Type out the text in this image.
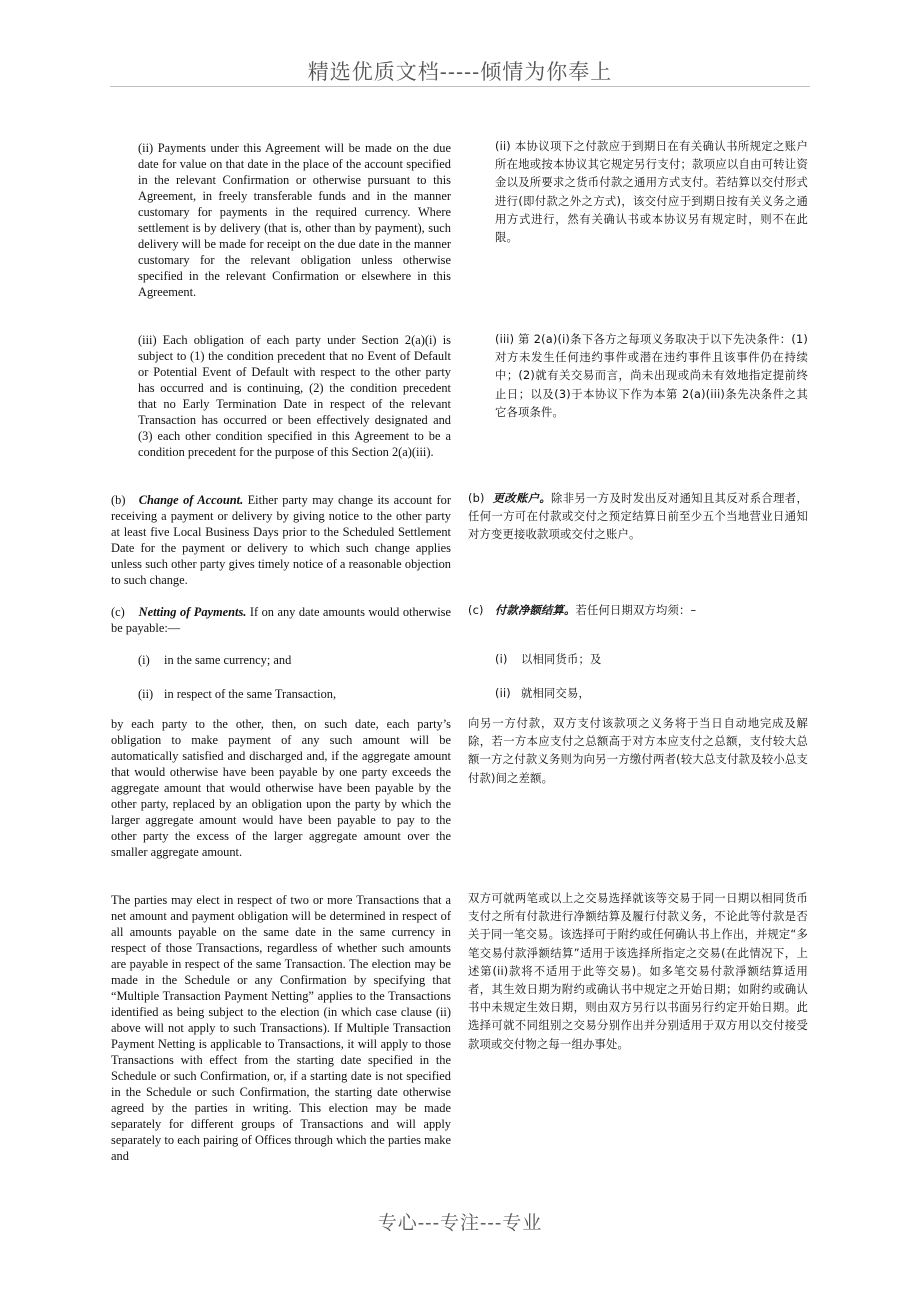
精选优质文档-----倾情为你奉上

(ii) Payments under this Agreement will be made on the due date for value on that date in the place of the account specified in the relevant Confirmation or otherwise pursuant to this Agreement, in freely transferable funds and in the manner customary for payments in the required currency. Where settlement is by delivery (that is, other than by payment), such delivery will be made for receipt on the due date in the manner customary for the relevant obligation unless otherwise specified in the relevant Confirmation or elsewhere in this Agreement.

(ii) 本协议项下之付款应于到期日在有关确认书所规定之账户所在地或按本协议其它规定另行支付；款项应以自由可转让资金以及所要求之货币付款之通用方式支付。若结算以交付形式进行(即付款之外之方式)，该交付应于到期日按有关义务之通用方式进行，然有关确认书或本协议另有规定时，则不在此限。

(iii) Each obligation of each party under Section 2(a)(i) is subject to (1) the condition precedent that no Event of Default or Potential Event of Default with respect to the other party has occurred and is continuing, (2) the condition precedent that no Early Termination Date in respect of the relevant Transaction has occurred or been effectively designated and (3) each other condition specified in this Agreement to be a condition precedent for the purpose of this Section 2(a)(iii).

(iii) 第 2(a)(i)条下各方之每项义务取决于以下先决条件：(1)对方未发生任何违约事件或潜在违约事件且该事件仍在持续中；(2)就有关交易而言，尚未出现或尚未有效地指定提前终止日；以及(3)于本协议下作为本第 2(a)(iii)条先决条件之其它各项条件。

(b) Change of Account. Either party may change its account for receiving a payment or delivery by giving notice to the other party at least five Local Business Days prior to the Scheduled Settlement Date for the payment or delivery to which such change applies unless such other party gives timely notice of a reasonable objection to such change.

(b) 更改账户。除非另一方及时发出反对通知且其反对系合理者，任何一方可在付款或交付之预定结算日前至少五个当地营业日通知对方变更接收款项或交付之账户。

(c) Netting of Payments. If on any date amounts would otherwise be payable:—

(c) 付款净额结算。若任何日期双方均须：–

(i) in the same currency; and	(i) 以相同货币；及

(ii) in respect of the same Transaction,	(ii) 就相同交易，

by each party to the other, then, on such date, each party’s obligation to make payment of any such amount will be automatically satisfied and discharged and, if the aggregate amount that would otherwise have been payable by one party exceeds the aggregate amount that would otherwise have been payable by the other party, replaced by an obligation upon the party by which the larger aggregate amount would have been payable to pay to the other party the excess of the larger aggregate amount over the smaller aggregate amount.

向另一方付款，双方支付该款项之义务将于当日自动地完成及解除，若一方本应支付之总额高于对方本应支付之总额，支付较大总额一方之付款义务则为向另一方缴付两者(较大总支付款及较小总支付款)间之差额。

The parties may elect in respect of two or more Transactions that a net amount and payment obligation will be determined in respect of all amounts payable on the same date in the same currency in respect of those Transactions, regardless of whether such amounts are payable in respect of the same Transaction. The election may be made in the Schedule or any Confirmation by specifying that “Multiple Transaction Payment Netting” applies to the Transactions identified as being subject to the election (in which case clause (ii) above will not apply to such Transactions). If Multiple Transaction Payment Netting is applicable to Transactions, it will apply to those Transactions with effect from the starting date specified in the Schedule or such Confirmation, or, if a starting date is not specified in the Schedule or such Confirmation, the starting date otherwise agreed by the parties in writing. This election may be made separately for different groups of Transactions and will apply separately to each pairing of Offices through which the parties make and

双方可就两笔或以上之交易选择就该等交易于同一日期以相同货币支付之所有付款进行净额结算及履行付款义务，不论此等付款是否关于同一笔交易。该选择可于附约或任何确认书上作出，并规定“多笔交易付款淨额结算”适用于该选择所指定之交易(在此情况下，上述第(ii)款将不适用于此等交易)。如多笔交易付款淨额结算适用者，其生效日期为附约或确认书中规定之开始日期；如附约或确认书中未规定生效日期，则由双方另行以书面另行约定开始日期。此选择可就不同组别之交易分别作出并分别适用于双方用以交付接受款项或交付物之每一组办事处。

专心---专注---专业
